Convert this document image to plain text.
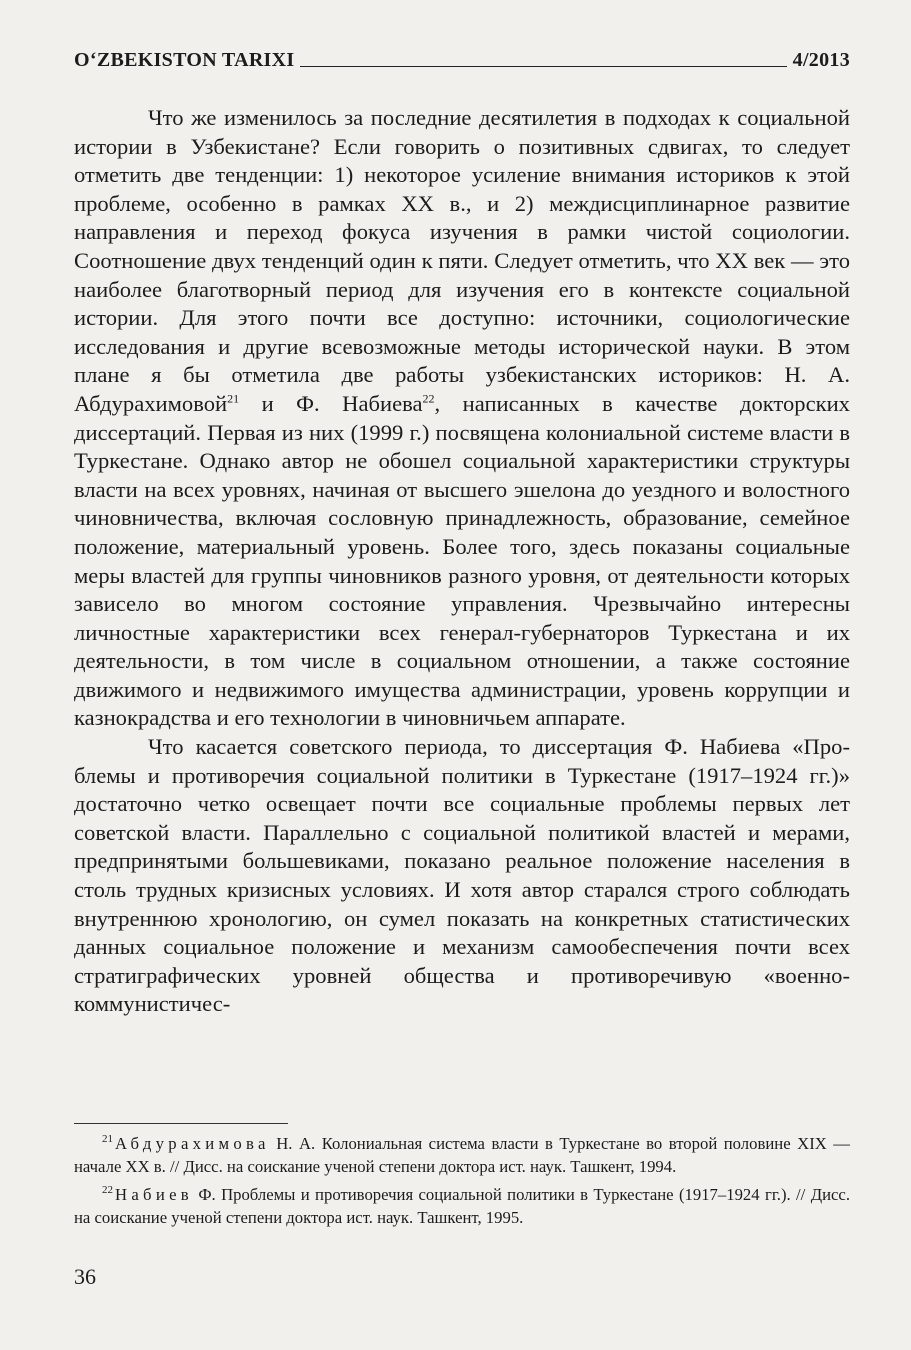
O‘ZBEKISTON TARIXI	4/2013

Что же изменилось за последние десятилетия в подходах к социальной истории в Узбекистане? Если говорить о позитивных сдвигах, то следует отметить две тенденции: 1) некоторое усиление внимания историков к этой проблеме, особенно в рамках XX в., и 2) междисциплинарное развитие направления и переход фокуса изучения в рамки чистой социологии. Соотношение двух тенденций один к пяти. Следует отметить, что XX век — это наиболее благотворный период для изучения его в контексте социальной истории. Для этого почти все доступно: источники, социологические исследования и другие всевозможные методы исторической науки. В этом плане я бы отметила две работы узбекистанских историков: Н. А. Абдурахимовой$^{21}$ и Ф. Набиева$^{22}$, написанных в качестве докторских диссертаций. Первая из них (1999 г.) посвящена колониальной системе власти в Туркестане. Однако автор не обошел социальной характеристики структуры власти на всех уровнях, начиная от высшего эшелона до уездного и волостного чиновничества, включая сословную принадлежность, образование, семейное положение, материальный уровень. Более того, здесь показаны социальные меры властей для группы чиновников разного уровня, от деятельности которых зависело во многом состояние управления. Чрезвычайно интересны личностные характеристики всех генерал-губернаторов Туркестана и их деятельности, в том числе в социальном отношении, а также состояние движимого и недвижимого имущества администрации, уровень коррупции и казнокрадства и его технологии в чиновничьем аппарате.

Что касается советского периода, то диссертация Ф. Набиева «Проблемы и противоречия социальной политики в Туркестане (1917–1924 гг.)» достаточно четко освещает почти все социальные проблемы первых лет советской власти. Параллельно с социальной политикой властей и мерами, предпринятыми большевиками, показано реальное положение населения в столь трудных кризисных условиях. И хотя автор старался строго соблюдать внутреннюю хронологию, он сумел показать на конкретных статистических данных социальное положение и механизм самообеспечения почти всех стратиграфических уровней общества и противоречивую «военно-коммунистичес-

$^{21}$ Абдурахимова Н. А. Колониальная система власти в Туркестане во второй половине XIX — начале XX в. // Дисс. на соискание ученой степени доктора ист. наук. Ташкент, 1994.

$^{22}$ Набиев Ф. Проблемы и противоречия социальной политики в Туркестане (1917–1924 гг.). // Дисс. на соискание ученой степени доктора ист. наук. Ташкент, 1995.

36
